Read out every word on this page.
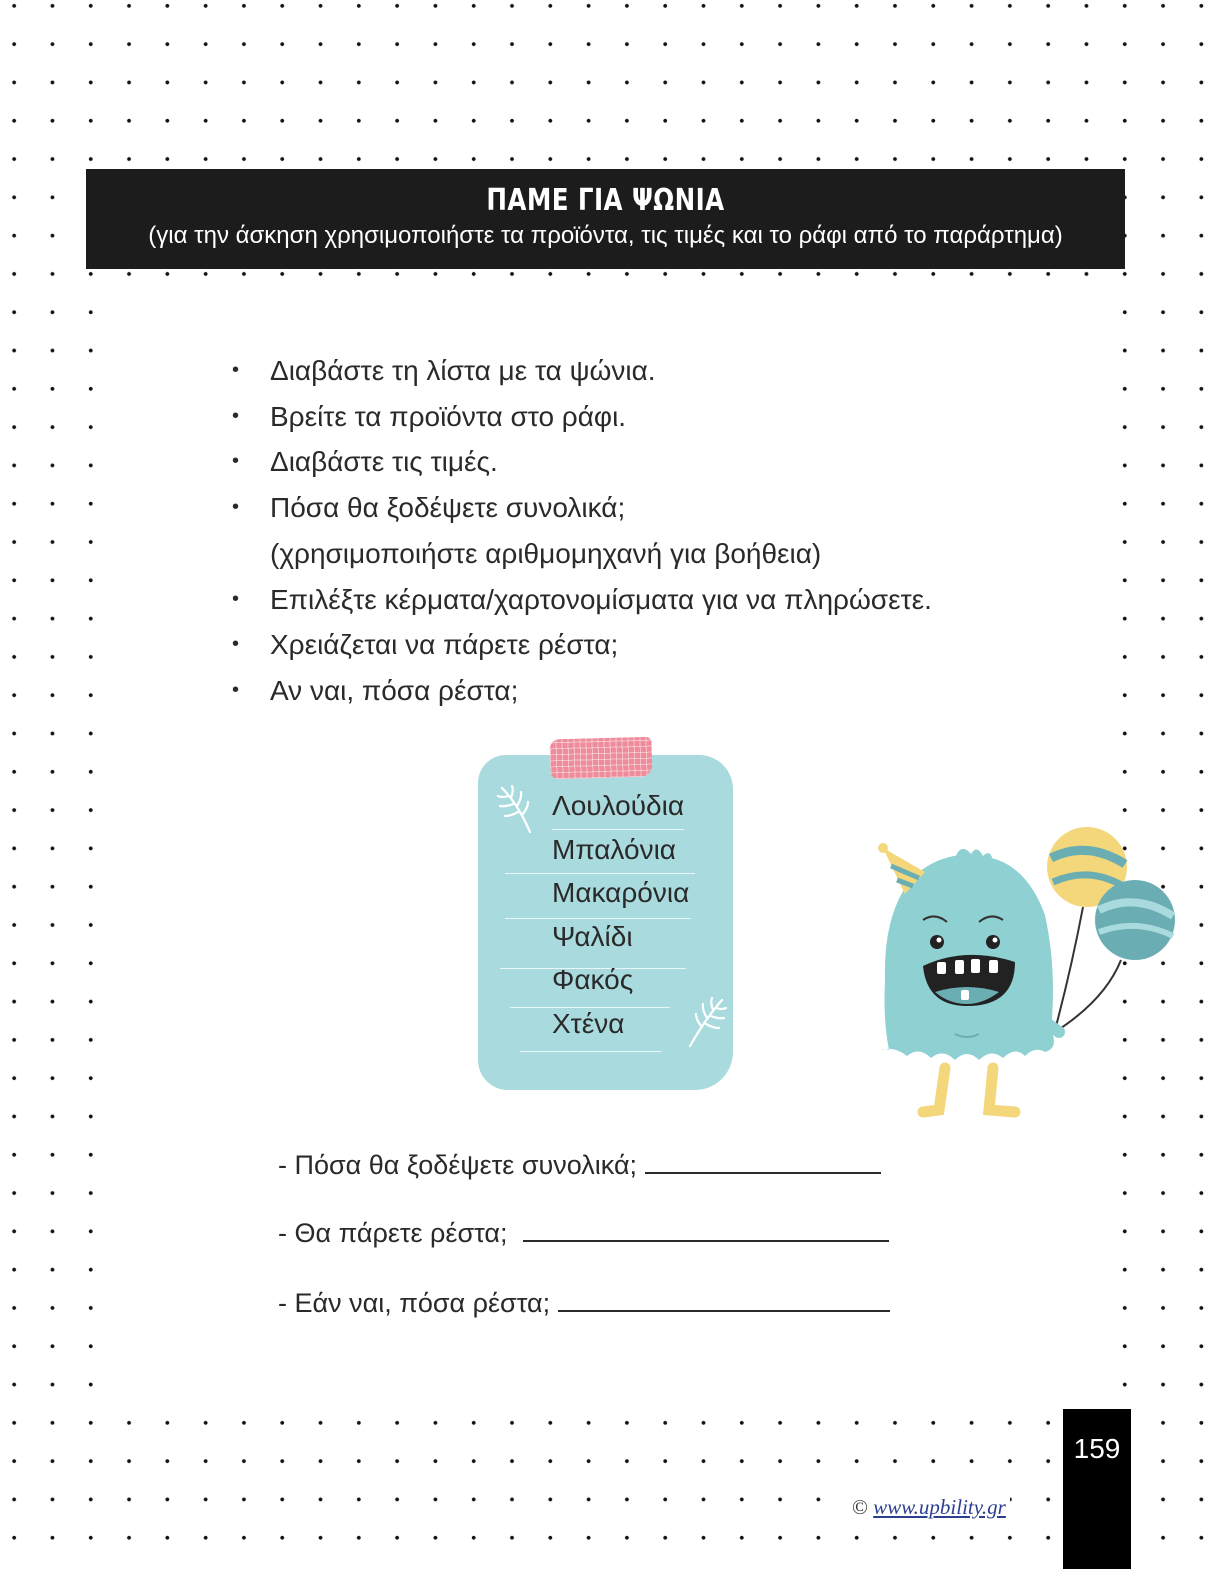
ΠΑΜΕ ΓΙΑ ΨΩΝΙΑ
(για την άσκηση χρησιμοποιήστε τα προϊόντα, τις τιμές και το ράφι από το παράρτημα)
• Διαβάστε τη λίστα με τα ψώνια.
• Βρείτε τα προϊόντα στο ράφι.
• Διαβάστε τις τιμές.
• Πόσα θα ξοδέψετε συνολικά;
(χρησιμοποιήστε αριθμομηχανή για βοήθεια)
• Επιλέξτε κέρματα/χαρτονομίσματα για να πληρώσετε.
• Χρειάζεται να πάρετε ρέστα;
• Αν ναι, πόσα ρέστα;
Λουλούδια
Μπαλόνια
Μακαρόνια
Ψαλίδι
Φακός
Χτένα
- Πόσα θα ξοδέψετε συνολικά;
- Θα πάρετε ρέστα;
- Εάν ναι, πόσα ρέστα;
159
© www.upbility.gr
